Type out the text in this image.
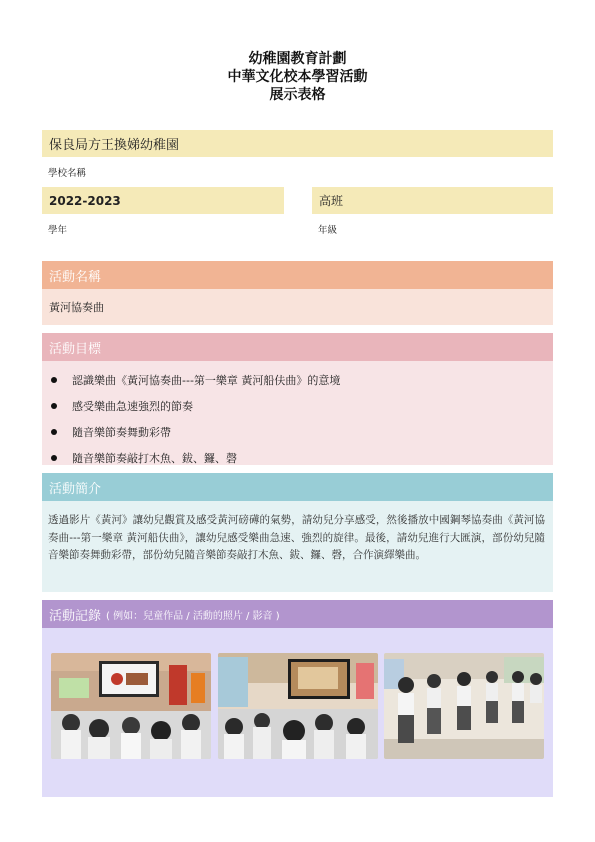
幼稚園教育計劃
中華文化校本學習活動
展示表格
保良局方王換娣幼稚園
學校名稱
2022-2023
學年
高班
年級
活動名稱
黃河協奏曲
活動目標
認識樂曲《黃河協奏曲---第一樂章 黃河船伕曲》的意境
感受樂曲急速強烈的節奏
隨音樂節奏舞動彩帶
隨音樂節奏敲打木魚、鈸、鑼、磬
活動簡介
透過影片《黃河》讓幼兒觀賞及感受黃河磅礡的氣勢，請幼兒分享感受，然後播放中國鋼琴協奏曲《黃河協奏曲---第一樂章 黃河船伕曲》，讓幼兒感受樂曲急速、強烈的旋律。最後，請幼兒進行大匯演，部份幼兒隨音樂節奏舞動彩帶，部份幼兒隨音樂節奏敲打木魚、鈸、鑼、磬，合作演繹樂曲。
活動記錄 ( 例如：兒童作品 / 活動的照片 / 影音 )
